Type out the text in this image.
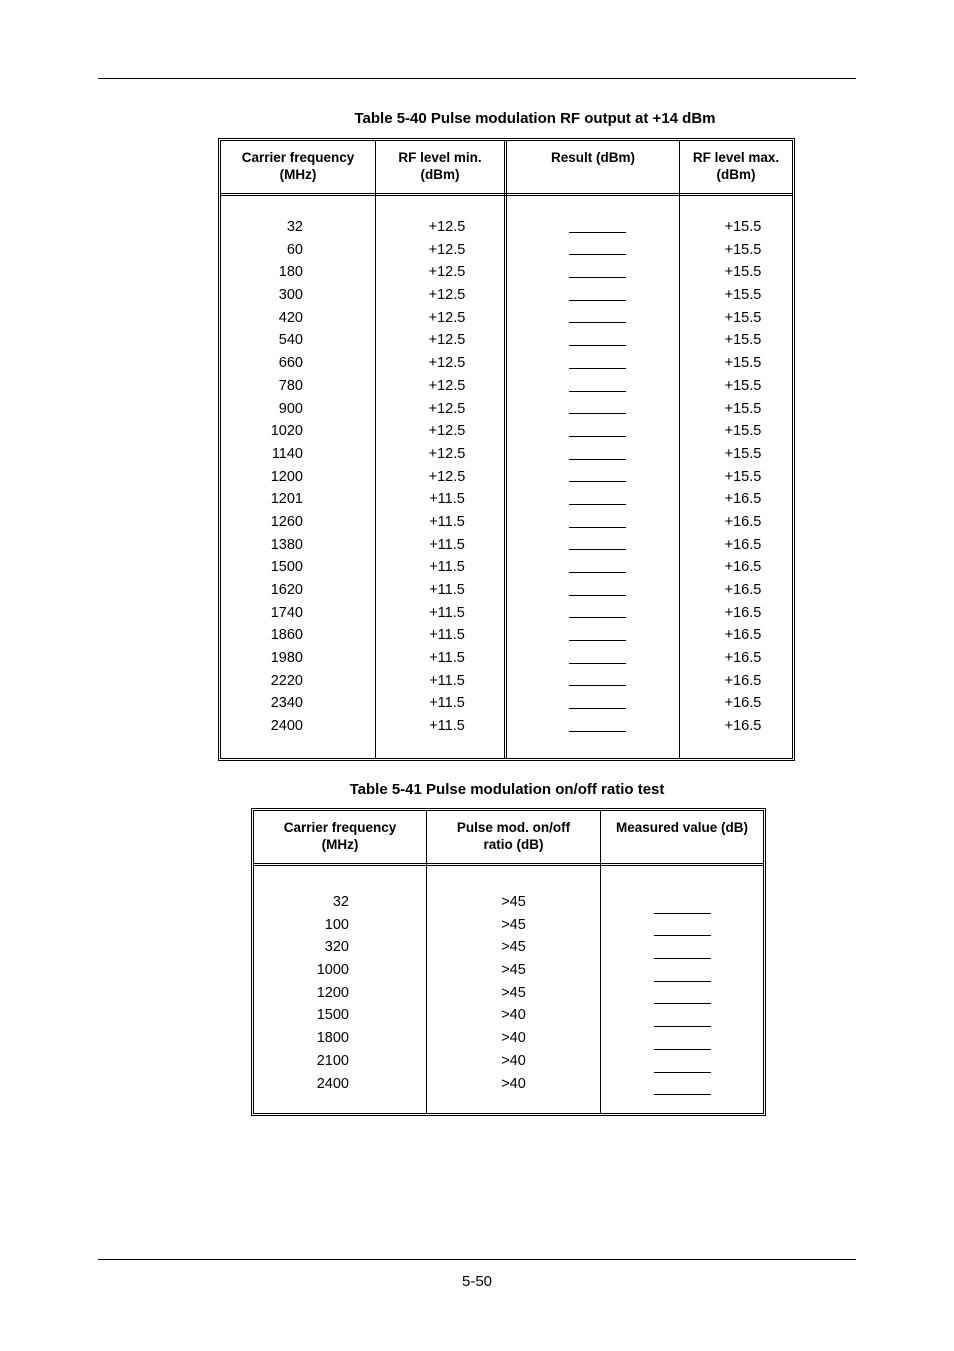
Table 5-40 Pulse modulation RF output at +14 dBm
Carrier frequency
(MHz)
RF level min.
(dBm)
Result (dBm)	RF level max.
(dBm)
32
60
180
300
420
540
660
780
900
1020
1140
1200
1201
1260
1380
1500
1620
1740
1860
1980
2220
2340
2400
+12.5
+12.5
+12.5
+12.5
+12.5
+12.5
+12.5
+12.5
+12.5
+12.5
+12.5
+12.5
+11.5
+11.5
+11.5
+11.5
+11.5
+11.5
+11.5
+11.5
+11.5
+11.5
+11.5
+15.5
+15.5
+15.5
+15.5
+15.5
+15.5
+15.5
+15.5
+15.5
+15.5
+15.5
+15.5
+16.5
+16.5
+16.5
+16.5
+16.5
+16.5
+16.5
+16.5
+16.5
+16.5
+16.5
Table 5-41 Pulse modulation on/off ratio test
Carrier frequency
(MHz)
Pulse mod. on/off
ratio (dB)
Measured value (dB)
32
100
320
1000
1200
1500
1800
2100
2400
>45
>45
>45
>45
>45
>40
>40
>40
>40
5-50
